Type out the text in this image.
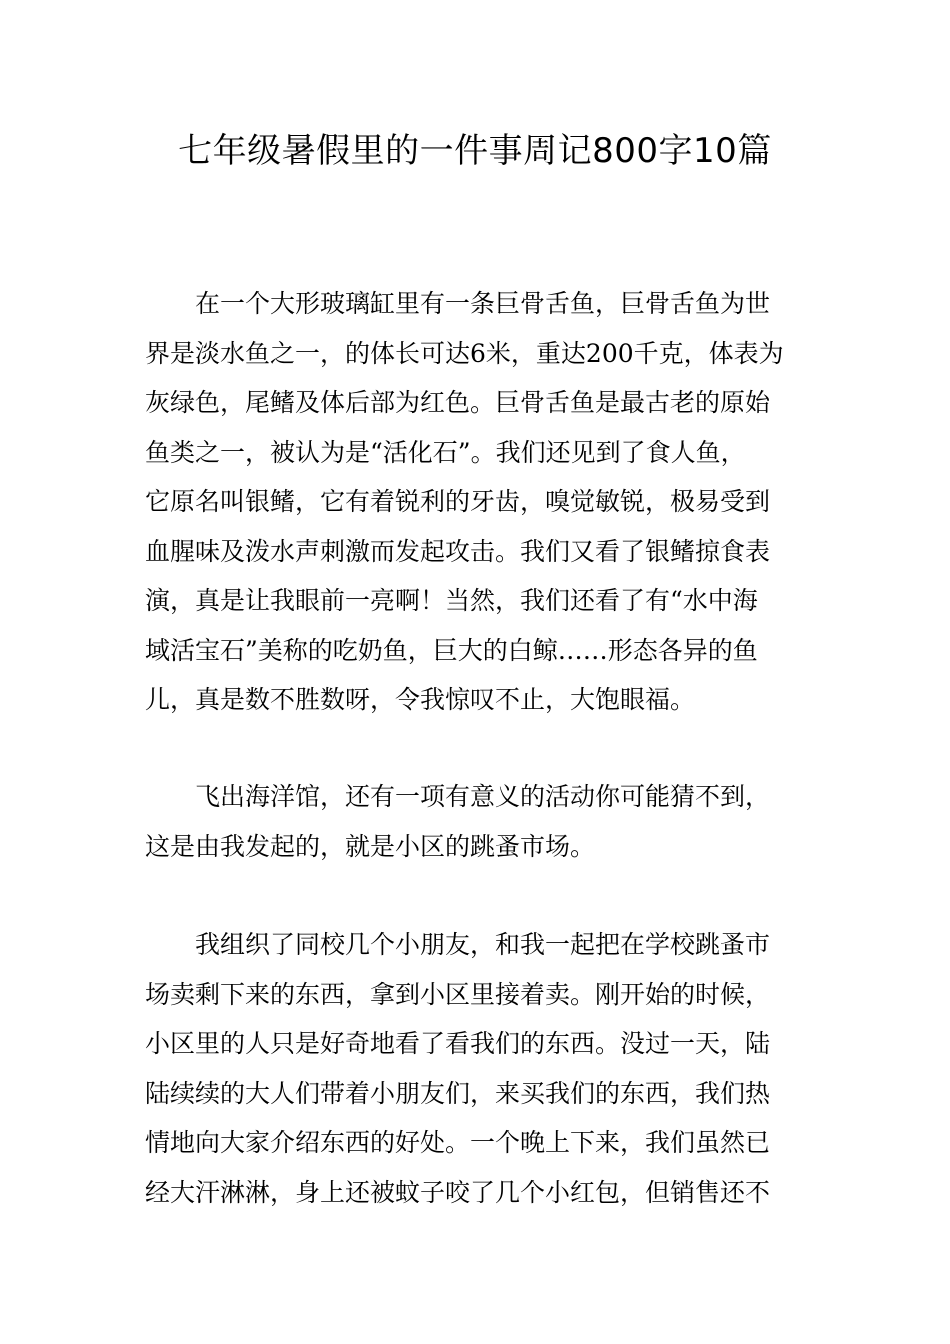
七年级暑假里的一件事周记800字10篇
在一个大形玻璃缸里有一条巨骨舌鱼，巨骨舌鱼为世
界是淡水鱼之一，的体长可达6米，重达200千克，体表为
灰绿色，尾鳍及体后部为红色。巨骨舌鱼是最古老的原始
鱼类之一，被认为是“活化石”。我们还见到了食人鱼，
它原名叫银鳍，它有着锐利的牙齿，嗅觉敏锐，极易受到
血腥味及泼水声刺激而发起攻击。我们又看了银鳍掠食表
演，真是让我眼前一亮啊！当然，我们还看了有“水中海
域活宝石”美称的吃奶鱼，巨大的白鲸……形态各异的鱼
儿，真是数不胜数呀，令我惊叹不止，大饱眼福。
飞出海洋馆，还有一项有意义的活动你可能猜不到，
这是由我发起的，就是小区的跳蚤市场。
我组织了同校几个小朋友，和我一起把在学校跳蚤市
场卖剩下来的东西，拿到小区里接着卖。刚开始的时候，
小区里的人只是好奇地看了看我们的东西。没过一天，陆
陆续续的大人们带着小朋友们，来买我们的东西，我们热
情地向大家介绍东西的好处。一个晚上下来，我们虽然已
经大汗淋淋，身上还被蚊子咬了几个小红包，但销售还不
